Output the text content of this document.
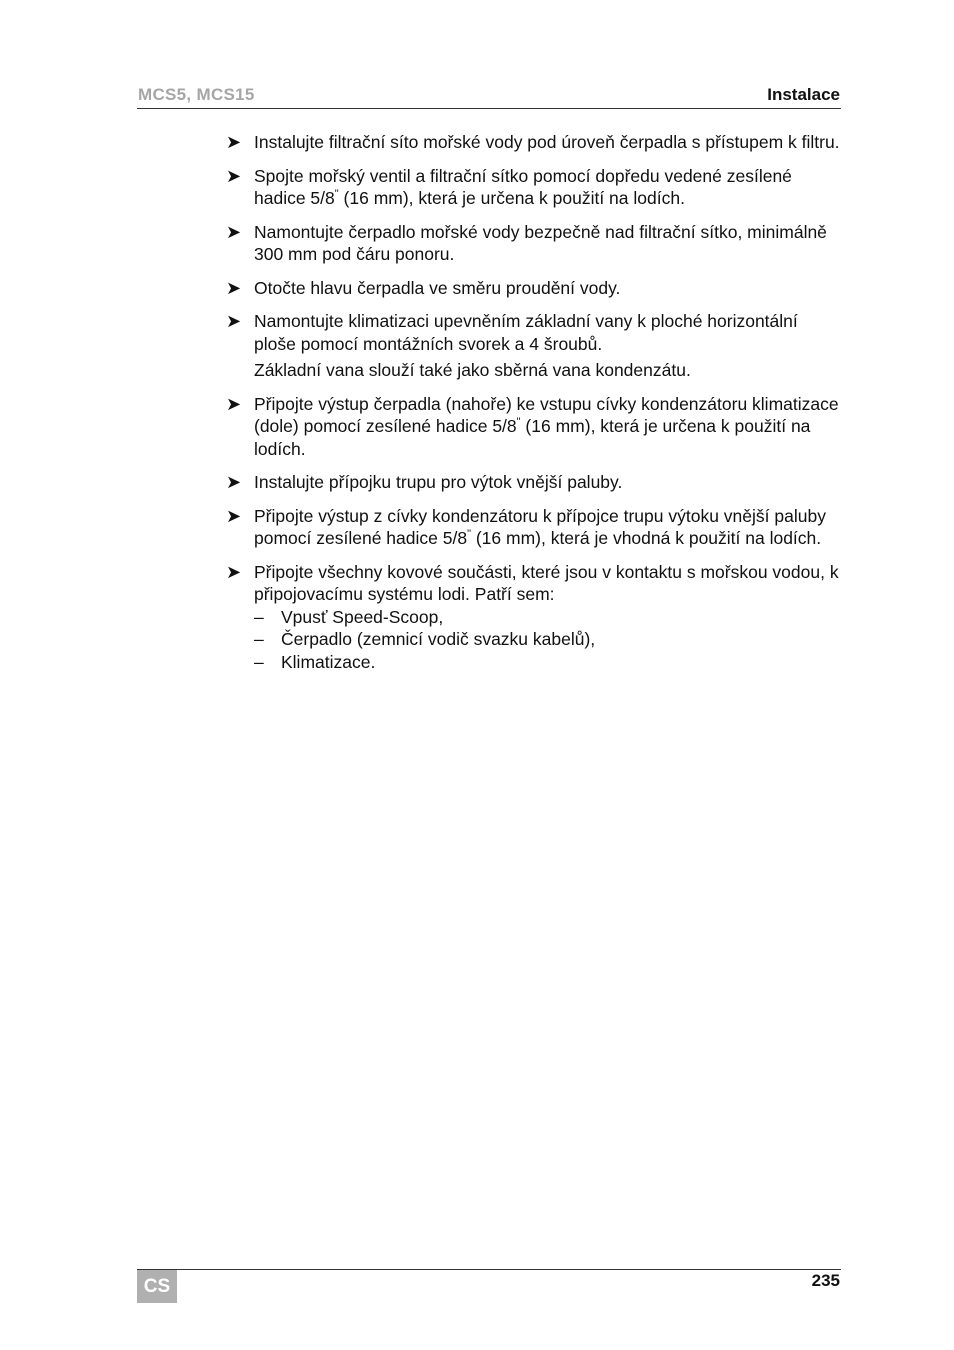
MCS5, MCS15	Instalace
➤ Instalujte filtrační síto mořské vody pod úroveň čerpadla s přístupem k filtru.
➤ Spojte mořský ventil a filtrační sítko pomocí dopředu vedené zesílené hadice 5/8" (16 mm), která je určena k použití na lodích.
➤ Namontujte čerpadlo mořské vody bezpečně nad filtrační sítko, minimálně 300 mm pod čáru ponoru.
➤ Otočte hlavu čerpadla ve směru proudění vody.
➤ Namontujte klimatizaci upevněním základní vany k ploché horizontální ploše pomocí montážních svorek a 4 šroubů.
Základní vana slouží také jako sběrná vana kondenzátu.
➤ Připojte výstup čerpadla (nahoře) ke vstupu cívky kondenzátoru klimatizace (dole) pomocí zesílené hadice 5/8" (16 mm), která je určena k použití na lodích.
➤ Instalujte přípojku trupu pro výtok vnější paluby.
➤ Připojte výstup z cívky kondenzátoru k přípojce trupu výtoku vnější paluby pomocí zesílené hadice 5/8" (16 mm), která je vhodná k použití na lodích.
➤ Připojte všechny kovové součásti, které jsou v kontaktu s mořskou vodou, k připojovacímu systému lodi. Patří sem:
– Vpusť Speed-Scoop,
– Čerpadlo (zemnicí vodič svazku kabelů),
– Klimatizace.
CS	235
